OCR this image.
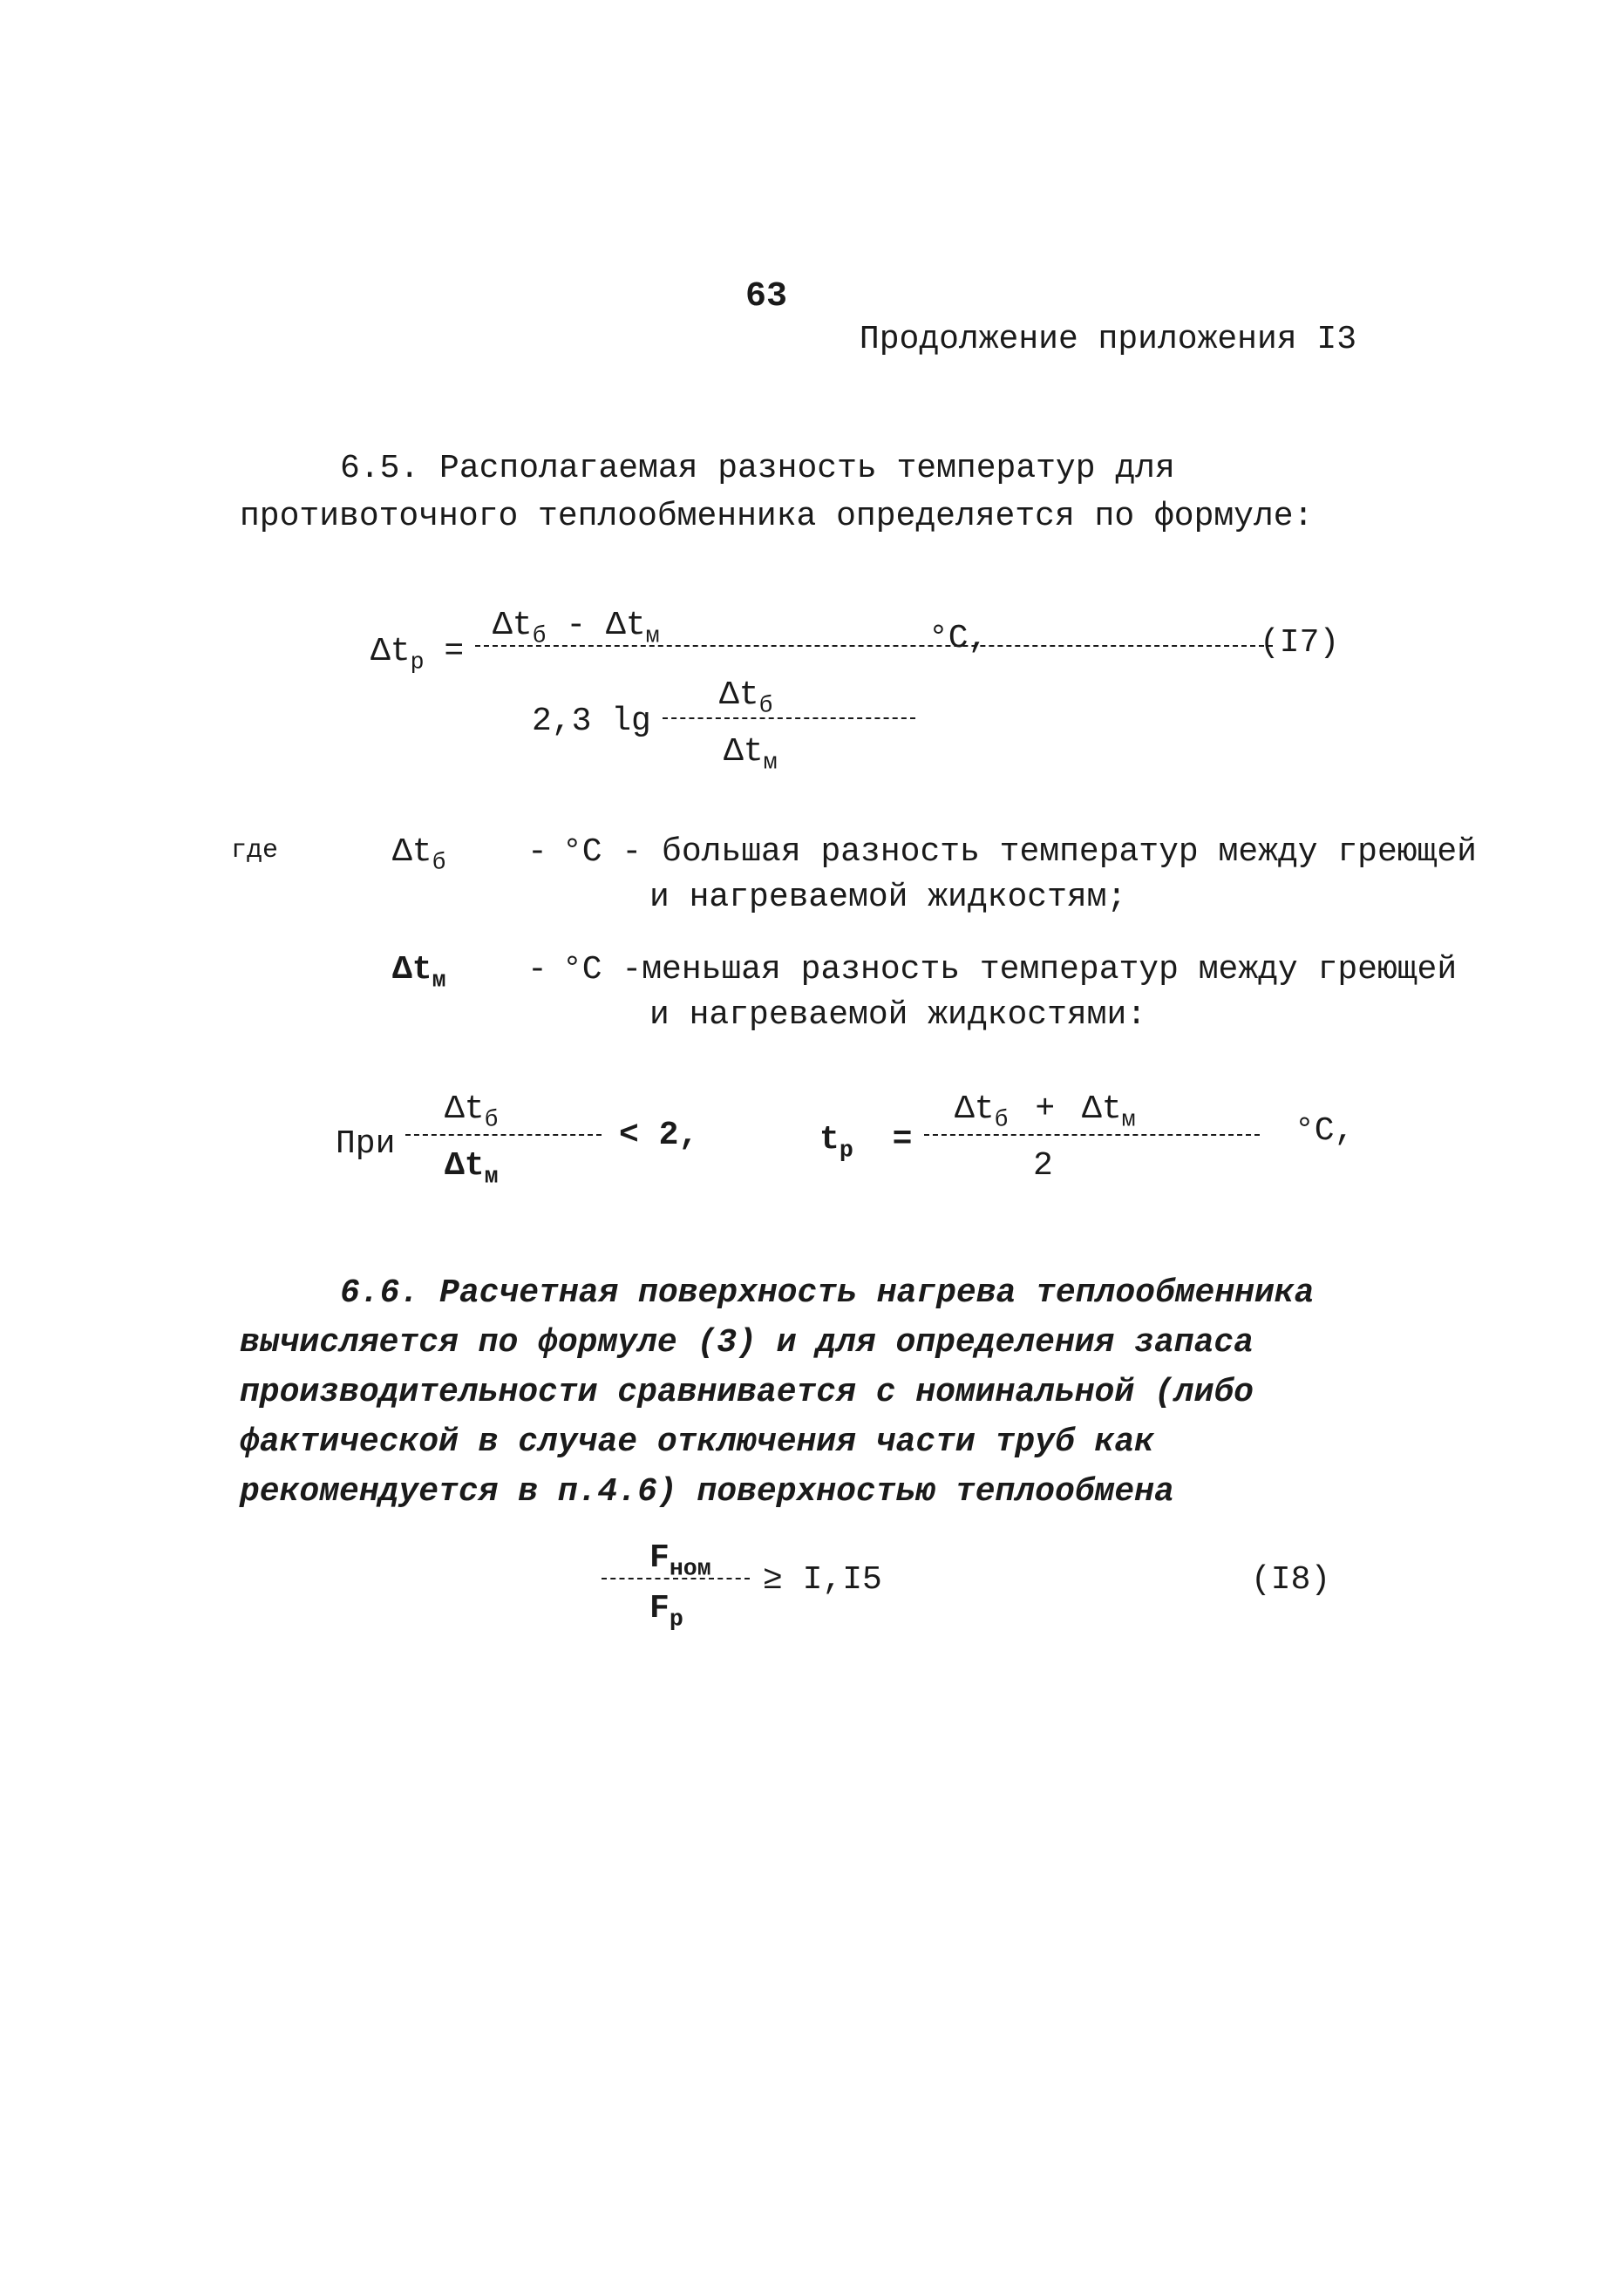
63
Продолжение приложения I3

6.5. Располагаемая разность температур для противоточного теплообменника определяется по формуле:

$\Delta t_р$ =
$\Delta t_б - \Delta t_м$	°С,	(I7)
2,3 lg
$\Delta t_б$
$\Delta t_м$
где	$\Delta t_б - ^\circ С$ - большая разность температур между греющей
и нагреваемой жидкостям;
$\Delta t_м - ^\circ С$ -меньшая разность температур между греющей
и нагреваемой жидкостями:
При
$\Delta t_б$
$\Delta t_м$
< 2,	$t_р$ =
$\Delta t_б + \Delta t_м$
2
°С,

6.6. Расчетная поверхность нагрева теплообменника вычисляется по формуле (3) и для определения запаса производительности сравнивается с номинальной (либо фактической в случае отключения части труб как рекомендуется в п.4.6) поверхностью теплообмена

$F_{ном}$
$F_р$
≥ I,I5	(I8)
